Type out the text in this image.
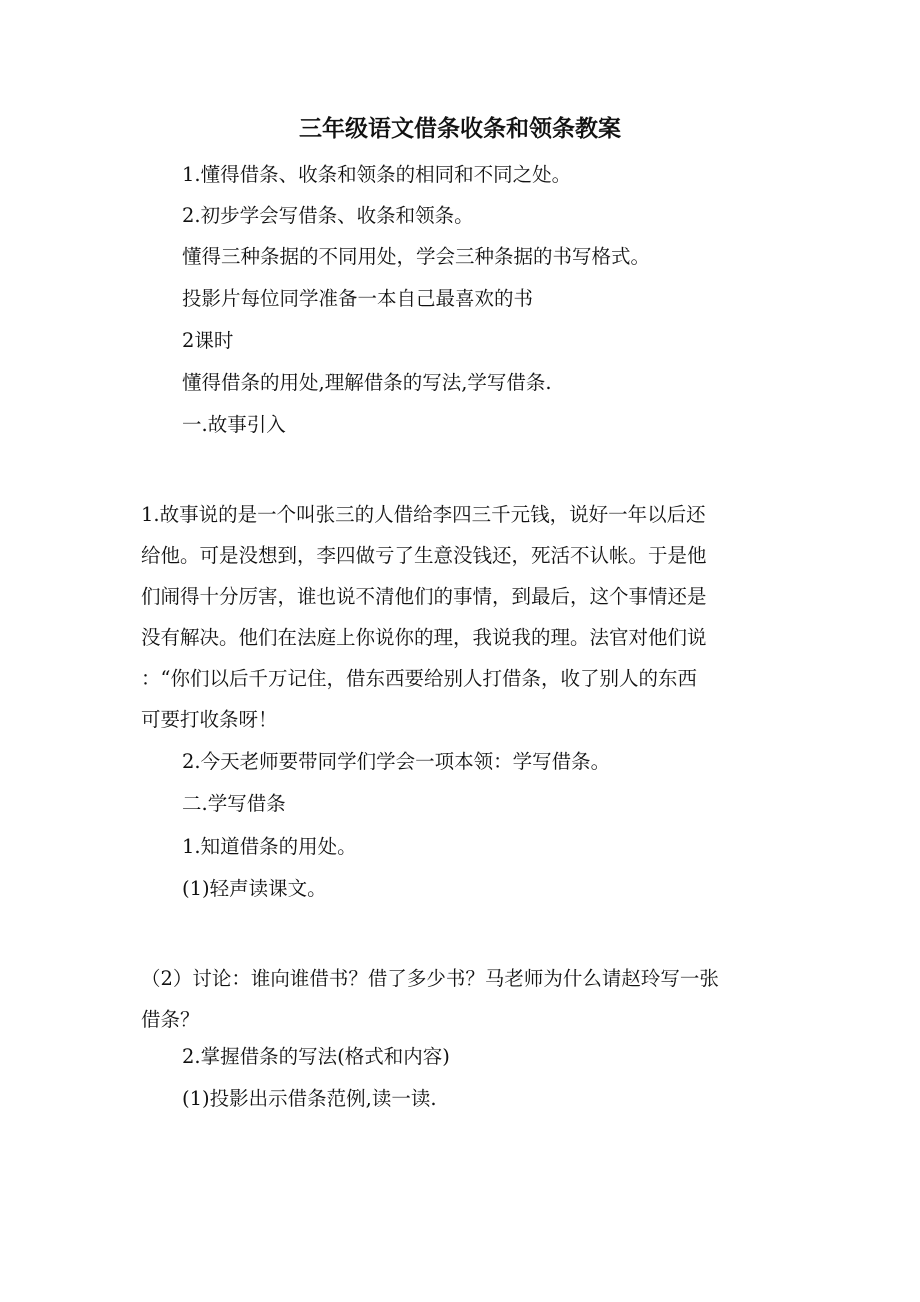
三年级语文借条收条和领条教案
1.懂得借条、收条和领条的相同和不同之处。
2.初步学会写借条、收条和领条。
懂得三种条据的不同用处，学会三种条据的书写格式。
投影片每位同学准备一本自己最喜欢的书
2课时
懂得借条的用处,理解借条的写法,学写借条.
一.故事引入
1.故事说的是一个叫张三的人借给李四三千元钱，说好一年以后还
给他。可是没想到，李四做亏了生意没钱还，死活不认帐。于是他
们闹得十分厉害，谁也说不清他们的事情，到最后，这个事情还是
没有解决。他们在法庭上你说你的理，我说我的理。法官对他们说
：“你们以后千万记住，借东西要给别人打借条，收了别人的东西
可要打收条呀！
2.今天老师要带同学们学会一项本领：学写借条。
二.学写借条
1.知道借条的用处。
(1)轻声读课文。
（2）讨论：谁向谁借书？借了多少书？马老师为什么请赵玲写一张
借条？
2.掌握借条的写法(格式和内容)
(1)投影出示借条范例,读一读.
